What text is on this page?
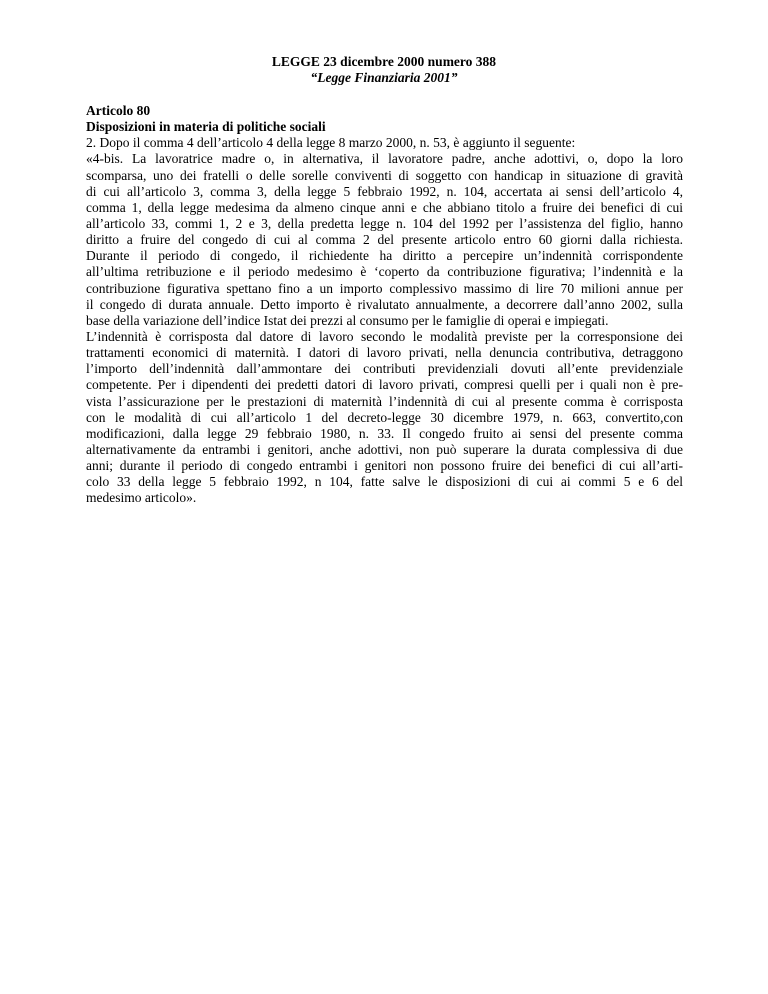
LEGGE 23 dicembre 2000 numero 388
“Legge Finanziaria 2001”
Articolo 80
Disposizioni in materia di politiche sociali
2. Dopo il comma 4 dell’articolo 4 della legge 8 marzo 2000, n. 53, è aggiunto il seguente:
«4-bis. La lavoratrice madre o, in alternativa, il lavoratore padre, anche adottivi, o, dopo la loro
scomparsa, uno dei fratelli o delle sorelle conviventi di soggetto con handicap in situazione di gravità
di cui all’articolo 3, comma 3, della legge 5 febbraio 1992, n. 104, accertata ai sensi dell’articolo 4,
comma 1, della legge medesima da almeno cinque anni e che abbiano titolo a fruire dei benefici di cui
all’articolo 33, commi 1, 2 e 3, della predetta legge n. 104 del 1992 per l’assistenza del figlio, hanno
diritto a fruire del congedo di cui al comma 2 del presente articolo entro 60 giorni dalla richiesta.
Durante il periodo di congedo, il richiedente ha diritto a percepire un’indennità corrispondente
all’ultima retribuzione e il periodo medesimo è ‘coperto da contribuzione figurativa; l’indennità e la
contribuzione figurativa spettano fino a un importo complessivo massimo di lire 70 milioni annue per
il congedo di durata annuale. Detto importo è rivalutato annualmente, a decorrere dall’anno 2002, sulla
base della variazione dell’indice Istat dei prezzi al consumo per le famiglie di operai e impiegati.
L’indennità è corrisposta dal datore di lavoro secondo le modalità previste per la corresponsione dei
trattamenti economici di maternità. I datori di lavoro privati, nella denuncia contributiva, detraggono
l’importo dell’indennità dall’ammontare dei contributi previdenziali dovuti all’ente previdenziale
competente. Per i dipendenti dei predetti datori di lavoro privati, compresi quelli per i quali non è pre-
vista l’assicurazione per le prestazioni di maternità l’indennità di cui al presente comma è corrisposta
con le modalità di cui all’articolo 1 del decreto-legge 30 dicembre 1979, n. 663, convertito,con
modificazioni, dalla legge 29 febbraio 1980, n. 33. Il congedo fruito ai sensi del presente comma
alternativamente da entrambi i genitori, anche adottivi, non può superare la durata complessiva di due
anni; durante il periodo di congedo entrambi i genitori non possono fruire dei benefici di cui all’arti-
colo 33 della legge 5 febbraio 1992, n 104, fatte salve le disposizioni di cui ai commi 5 e 6 del
medesimo articolo».
